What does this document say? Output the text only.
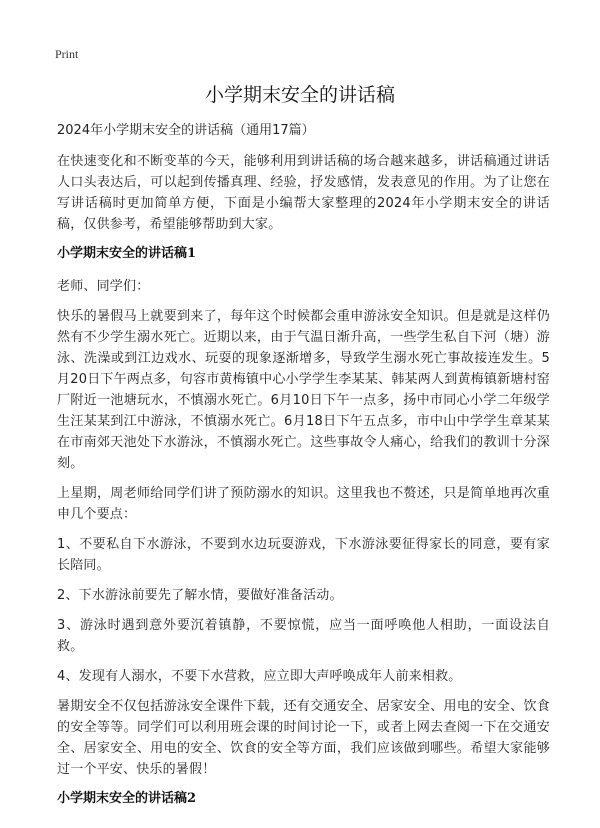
Print
小学期末安全的讲话稿
2024年小学期末安全的讲话稿（通用17篇）

在快速变化和不断变革的今天，能够利用到讲话稿的场合越来越多，讲话稿通过讲话人口头表达后，可以起到传播真理、经验，抒发感情，发表意见的作用。为了让您在写讲话稿时更加简单方便，下面是小编帮大家整理的2024年小学期末安全的讲话稿，仅供参考，希望能够帮助到大家。

小学期末安全的讲话稿1

老师、同学们：

快乐的暑假马上就要到来了，每年这个时候都会重申游泳安全知识。但是就是这样仍然有不少学生溺水死亡。近期以来，由于气温日渐升高，一些学生私自下河（塘）游泳、洗澡或到江边戏水、玩耍的现象逐渐增多，导致学生溺水死亡事故接连发生。5月20日下午两点多，句容市黄梅镇中心小学学生李某某、韩某两人到黄梅镇新塘村窑厂附近一池塘玩水，不慎溺水死亡。6月10日下午一点多，扬中市同心小学二年级学生汪某某到江中游泳，不慎溺水死亡。6月18日下午五点多，市中山中学学生章某某在市南郊天池处下水游泳，不慎溺水死亡。这些事故令人痛心，给我们的教训十分深刻。

上星期，周老师给同学们讲了预防溺水的知识。这里我也不赘述，只是简单地再次重申几个要点：

1、不要私自下水游泳，不要到水边玩耍游戏，下水游泳要征得家长的同意，要有家长陪同。

2、下水游泳前要先了解水情，要做好准备活动。

3、游泳时遇到意外要沉着镇静，不要惊慌，应当一面呼唤他人相助，一面设法自救。

4、发现有人溺水，不要下水营救，应立即大声呼唤成年人前来相救。

暑期安全不仅包括游泳安全课件下载，还有交通安全、居家安全、用电的安全、饮食的安全等等。同学们可以利用班会课的时间讨论一下，或者上网去查阅一下在交通安全、居家安全、用电的安全、饮食的安全等方面，我们应该做到哪些。希望大家能够过一个平安、快乐的暑假！

小学期末安全的讲话稿2
